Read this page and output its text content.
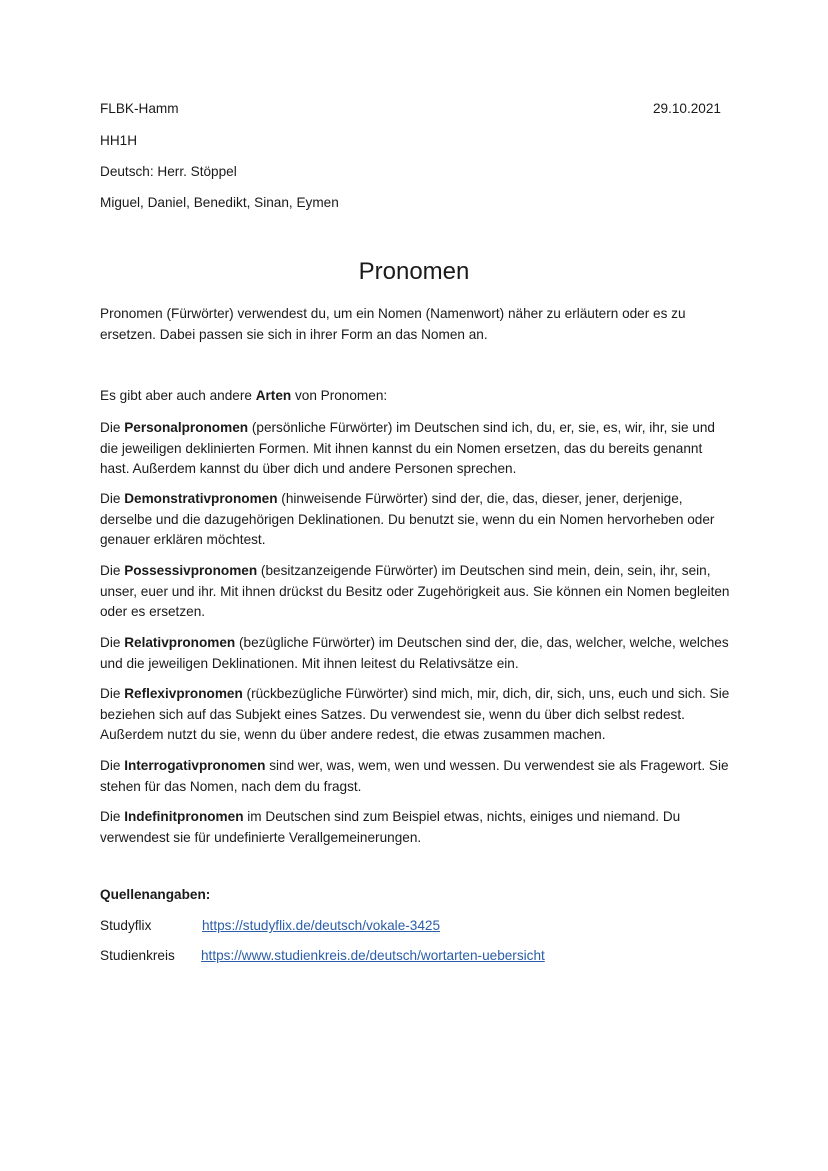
FLBK-Hamm	29.10.2021
HH1H
Deutsch: Herr. Stöppel
Miguel, Daniel, Benedikt, Sinan, Eymen
Pronomen

Pronomen (Fürwörter) verwendest du, um ein Nomen (Namenwort) näher zu erläutern oder es zu ersetzen. Dabei passen sie sich in ihrer Form an das Nomen an.

Es gibt aber auch andere Arten von Pronomen:

Die Personalpronomen (persönliche Fürwörter) im Deutschen sind ich, du, er, sie, es, wir, ihr, sie und die jeweiligen deklinierten Formen. Mit ihnen kannst du ein Nomen ersetzen, das du bereits genannt hast. Außerdem kannst du über dich und andere Personen sprechen.

Die Demonstrativpronomen (hinweisende Fürwörter) sind der, die, das, dieser, jener, derjenige, derselbe und die dazugehörigen Deklinationen. Du benutzt sie, wenn du ein Nomen hervorheben oder genauer erklären möchtest.

Die Possessivpronomen (besitzanzeigende Fürwörter) im Deutschen sind mein, dein, sein, ihr, sein, unser, euer und ihr. Mit ihnen drückst du Besitz oder Zugehörigkeit aus. Sie können ein Nomen begleiten oder es ersetzen.

Die Relativpronomen (bezügliche Fürwörter) im Deutschen sind der, die, das, welcher, welche, welches und die jeweiligen Deklinationen. Mit ihnen leitest du Relativsätze ein.

Die Reflexivpronomen (rückbezügliche Fürwörter) sind mich, mir, dich, dir, sich, uns, euch und sich. Sie beziehen sich auf das Subjekt eines Satzes. Du verwendest sie, wenn du über dich selbst redest. Außerdem nutzt du sie, wenn du über andere redest, die etwas zusammen machen.

Die Interrogativpronomen sind wer, was, wem, wen und wessen. Du verwendest sie als Fragewort. Sie stehen für das Nomen, nach dem du fragst.

Die Indefinitpronomen im Deutschen sind zum Beispiel etwas, nichts, einiges und niemand. Du verwendest sie für undefinierte Verallgemeinerungen.

Quellenangaben:
Studyflix	https://studyflix.de/deutsch/vokale-3425
Studienkreis https://www.studienkreis.de/deutsch/wortarten-uebersicht
